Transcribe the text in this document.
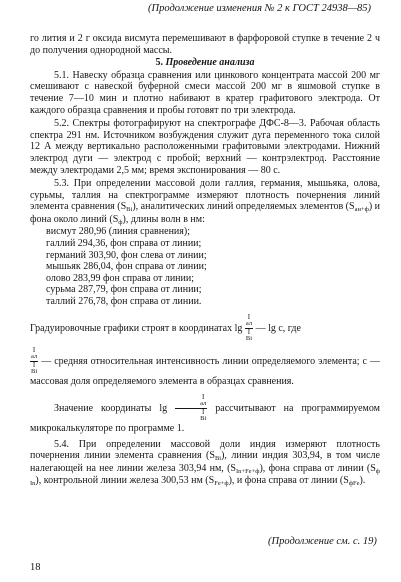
(Продолжение изменения № 2 к ГОСТ 24938—85)

го лития и 2 г оксида висмута перемешивают в фарфоровой ступке в течение 2 ч до получения однородной массы.

5. Проведение анализа

5.1. Навеску образца сравнения или цинкового концентрата массой 200 мг смешивают с навеской буферной смеси массой 200 мг в яшмовой ступке в течение 7—10 мин и плотно набивают в кратер графитового электрода. От каждого образца сравнения и пробы готовят по три электрода.

5.2. Спектры фотографируют на спектрографе ДФС-8—3. Рабочая область спектра 291 нм. Источником возбуждения служит дуга переменного тока силой 12 А между вертикально расположенными графитовыми электродами. Нижний электрод дуги — электрод с пробой; верхний — контрэлектрод. Расстояние между электродами 2,5 мм; время экспонирования — 80 с.

5.3. При определении массовой доли галлия, германия, мышьяка, олова, сурьмы, таллия на спектрограмме измеряют плотность почернения линий элемента сравнения $(S_{Bi})$, аналитических линий определяемых элементов $(S_{ан+ф})$ и фона около линий $(S_ф)$, длины волн в нм:

висмут 280,96 (линия сравнения);
галлий 294,36, фон справа от линии;
германий 303,90, фон слева от линии;
мышьяк 286,04, фон справа от линии;
олово 283,99 фон справа от линии;
сурьма 287,79, фон справа от линии;
таллий 276,78, фон справа от линии.

Градуировочные графики строят в координатах lg I
ал
I
Bi — lg c, где

I
ал
I
Bi — средняя относительная интенсивность линии определяемого элемента; c — массовая доля определяемого элемента в образцах сравнения.

Значение координаты lg I
ал
I
Bi рассчитывают на программируемом микрокалькуляторе по программе 1.

5.4. При определении массовой доли индия измеряют плотность почернения линии элемента сравнения $(S_{Bi})$, линии индия 303,94, в том числе налегающей на нее линии железа 303,94 нм, $(S_{In+Fe+ф})$, фона справа от линии $(S_{ф In})$, контрольной линии железа 300,53 нм $(S_{Fe+ф})$, и фона справа от линии $(S_{фFe})$.

(Продолжение см. с. 19)
18
